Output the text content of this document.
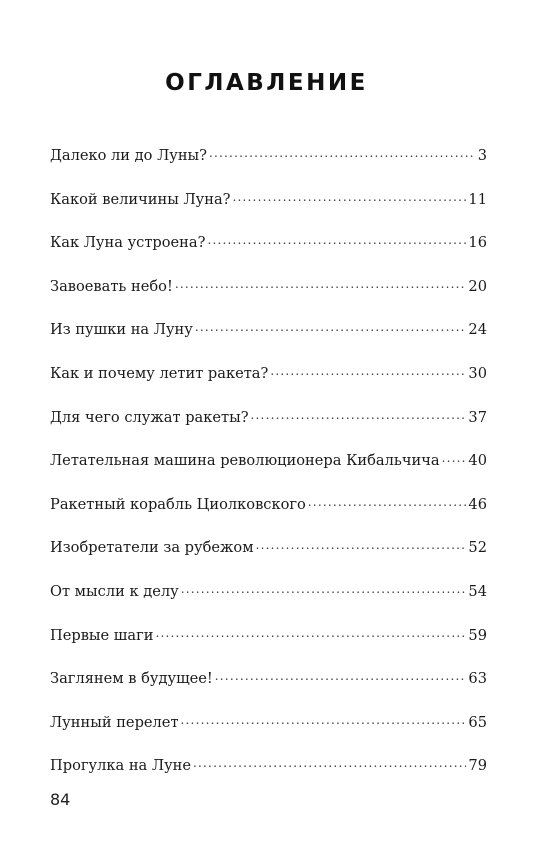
ОГЛАВЛЕНИЕ
Далеко ли до Луны? .....	3
Какой величины Луна? .....	11
Как Луна устроена? .....	16
Завоевать небо! .....	20
Из пушки на Луну .....	24
Как и почему летит ракета? .....	30
Для чего служат ракеты? .....	37
Летательная машина революционера Кибальчича ..... 40
Ракетный корабль Циолковского .....	46
Изобретатели за рубежом .....	52
От мысли к делу .....	54
Первые шаги .....	59
Заглянем в будущее! .....	63
Лунный перелет .....	65
Прогулка на Луне .....	79

84
